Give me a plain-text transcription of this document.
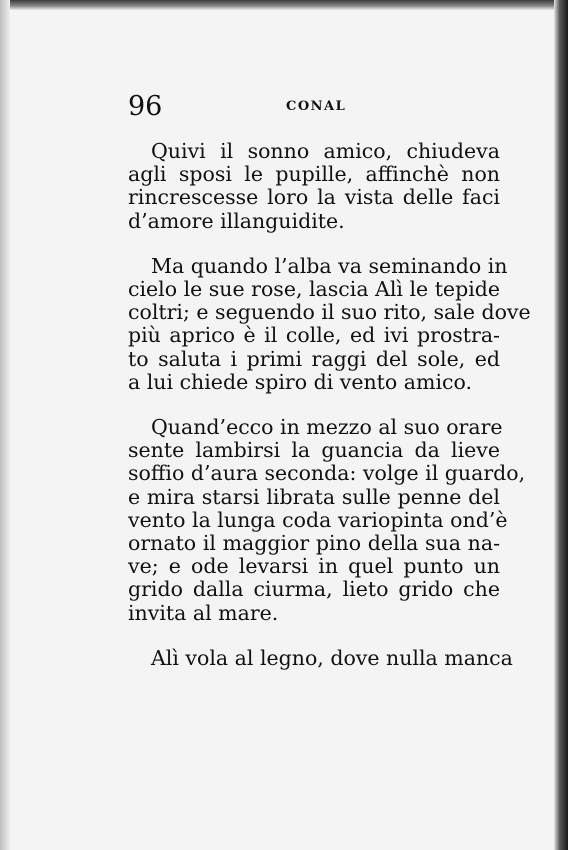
96	CONAL

Quivi il sonno amico, chiudeva
agli sposi le pupille, affinchè non
rincrescesse loro la vista delle faci
d’amore illanguidite.

Ma quando l’alba va seminando in
cielo le sue rose, lascia Alì le tepide
coltri; e seguendo il suo rito, sale dove
più aprico è il colle, ed ivi prostra-
to saluta i primi raggi del sole, ed
a lui chiede spiro di vento amico.

Quand’ecco in mezzo al suo orare
sente lambirsi la guancia da lieve
soffio d’aura seconda: volge il guardo,
e mira starsi librata sulle penne del
vento la lunga coda variopinta ond’è
ornato il maggior pino della sua na-
ve; e ode levarsi in quel punto un
grido dalla ciurma, lieto grido che
invita al mare.

Alì vola al legno, dove nulla manca
